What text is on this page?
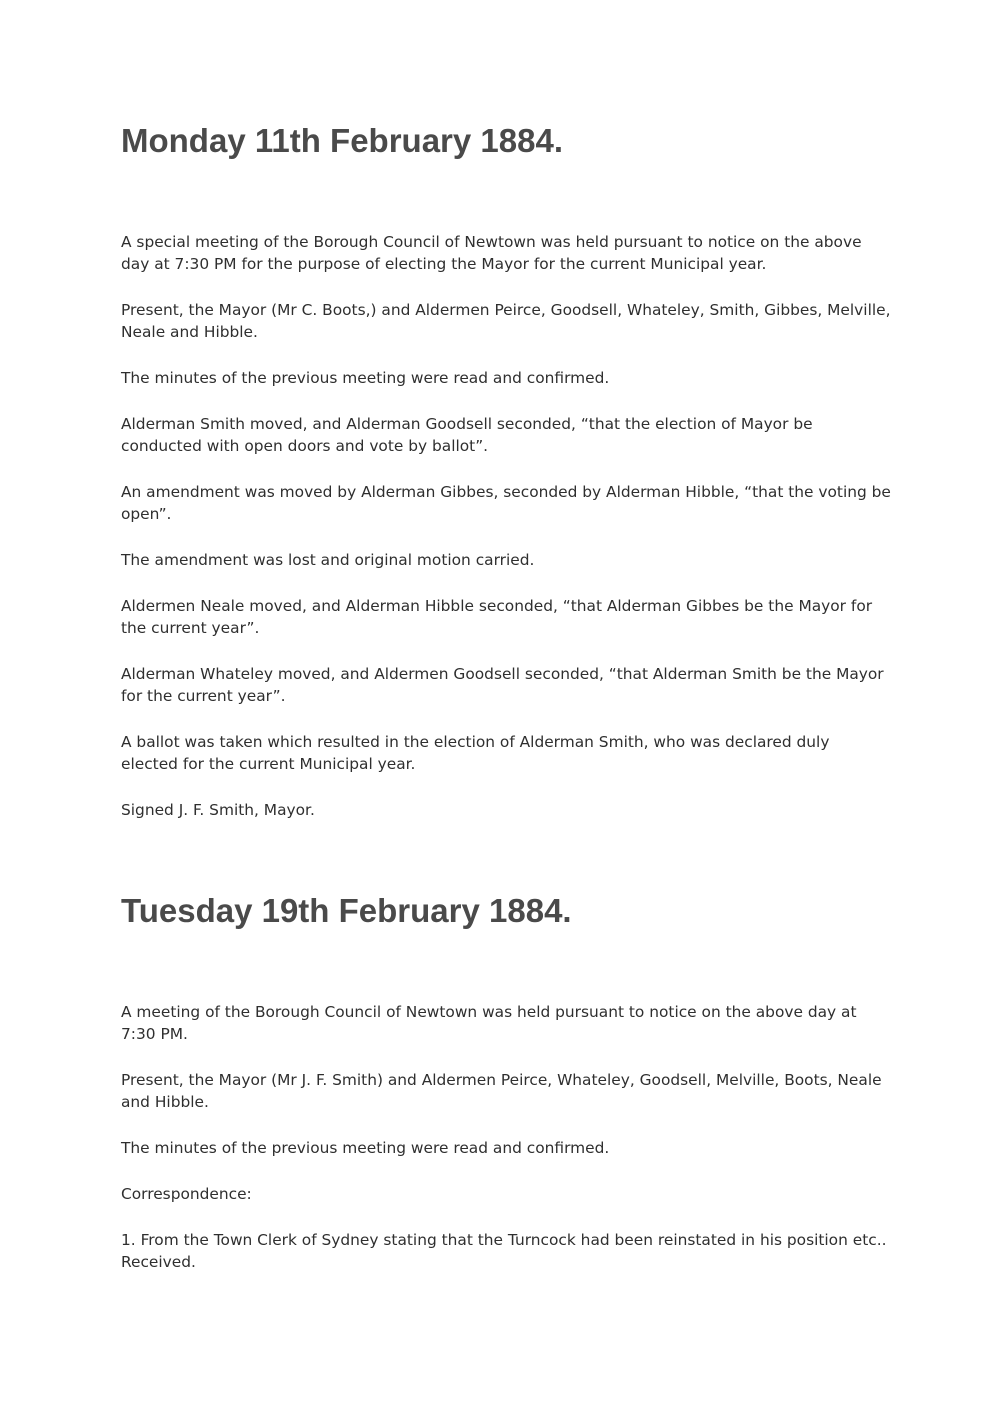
Monday 11th February 1884.

A special meeting of the Borough Council of Newtown was held pursuant to notice on the above day at 7:30 PM for the purpose of electing the Mayor for the current Municipal year.

Present, the Mayor (Mr C. Boots,) and Aldermen Peirce, Goodsell, Whateley, Smith, Gibbes, Melville, Neale and Hibble.

The minutes of the previous meeting were read and confirmed.

Alderman Smith moved, and Alderman Goodsell seconded, “that the election of Mayor be conducted with open doors and vote by ballot”.

An amendment was moved by Alderman Gibbes, seconded by Alderman Hibble, “that the voting be open”.

The amendment was lost and original motion carried.

Aldermen Neale moved, and Alderman Hibble seconded, “that Alderman Gibbes be the Mayor for the current year”.

Alderman Whateley moved, and Aldermen Goodsell seconded, “that Alderman Smith be the Mayor for the current year”.

A ballot was taken which resulted in the election of Alderman Smith, who was declared duly elected for the current Municipal year.

Signed J. F. Smith, Mayor.

Tuesday 19th February 1884.

A meeting of the Borough Council of Newtown was held pursuant to notice on the above day at 7:30 PM.

Present, the Mayor (Mr J. F. Smith) and Aldermen Peirce, Whateley, Goodsell, Melville, Boots, Neale and Hibble.

The minutes of the previous meeting were read and confirmed.

Correspondence:

1. From the Town Clerk of Sydney stating that the Turncock had been reinstated in his position etc.. Received.
